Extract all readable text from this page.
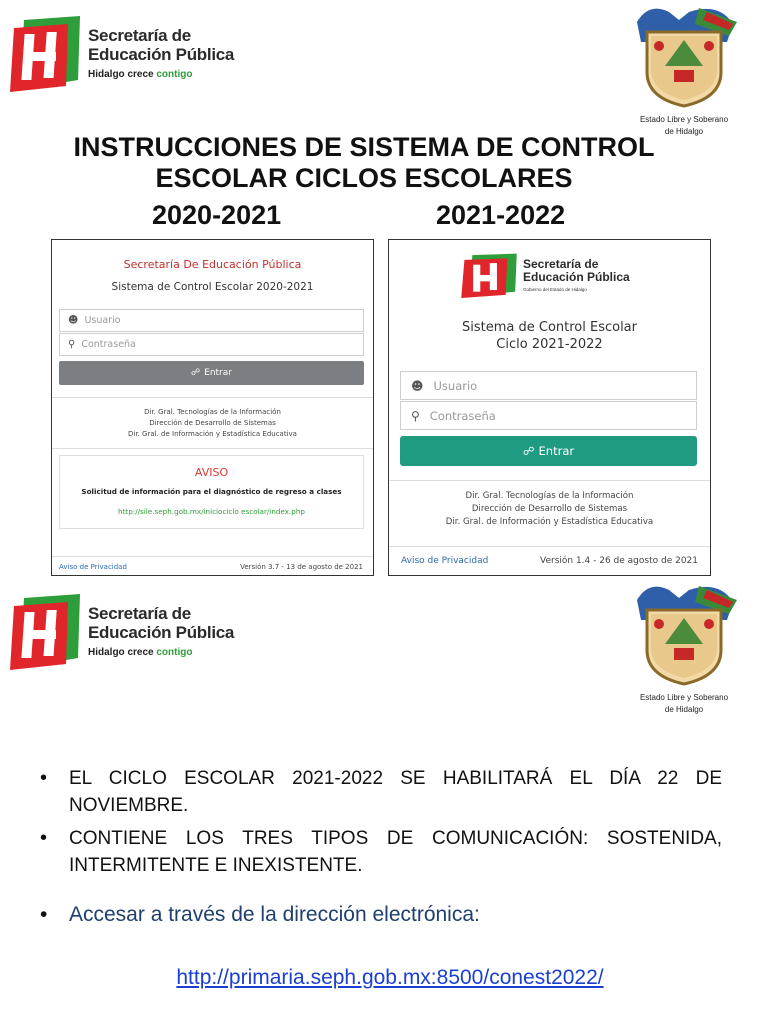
Secretaría de
Educación Pública
Hidalgo crece contigo
Estado Libre y Soberano
de Hidalgo
INSTRUCCIONES DE SISTEMA DE CONTROL
ESCOLAR CICLOS ESCOLARES
2020-2021	2021-2022
Secretaría De Educación Pública
Sistema de Control Escolar 2020-2021
☻ Usuario
⚲ Contraseña
☍ Entrar
Dir. Gral. Tecnologías de la Información
Dirección de Desarrollo de Sistemas
Dir. Gral. de Información y Estadística Educativa
AVISO
Solicitud de información para el diagnóstico de regreso a clases
http://sile.seph.gob.mx/inicіociclo escolar/index.php
Aviso de Privacidad	Versión 3.7 - 13 de agosto de 2021
Secretaría de
Educación Pública
Gobierno del Estado de Hidalgo
Sistema de Control Escolar
Ciclo 2021-2022
☻ Usuario
⚲ Contraseña
☍ Entrar
Dir. Gral. Tecnologías de la Información
Dirección de Desarrollo de Sistemas
Dir. Gral. de Información y Estadística Educativa
Aviso de Privacidad	Versión 1.4 - 26 de agosto de 2021
Secretaría de
Educación Pública
Hidalgo crece contigo
Estado Libre y Soberano
de Hidalgo
• EL CICLO ESCOLAR 2021-2022 SE HABILITARÁ EL DÍA 22 DE NOVIEMBRE.
• CONTIENE LOS TRES TIPOS DE COMUNICACIÓN: SOSTENIDA, INTERMITENTE E INEXISTENTE.
• Accesar a través de la dirección electrónica:
http://primaria.seph.gob.mx:8500/conest2022/
